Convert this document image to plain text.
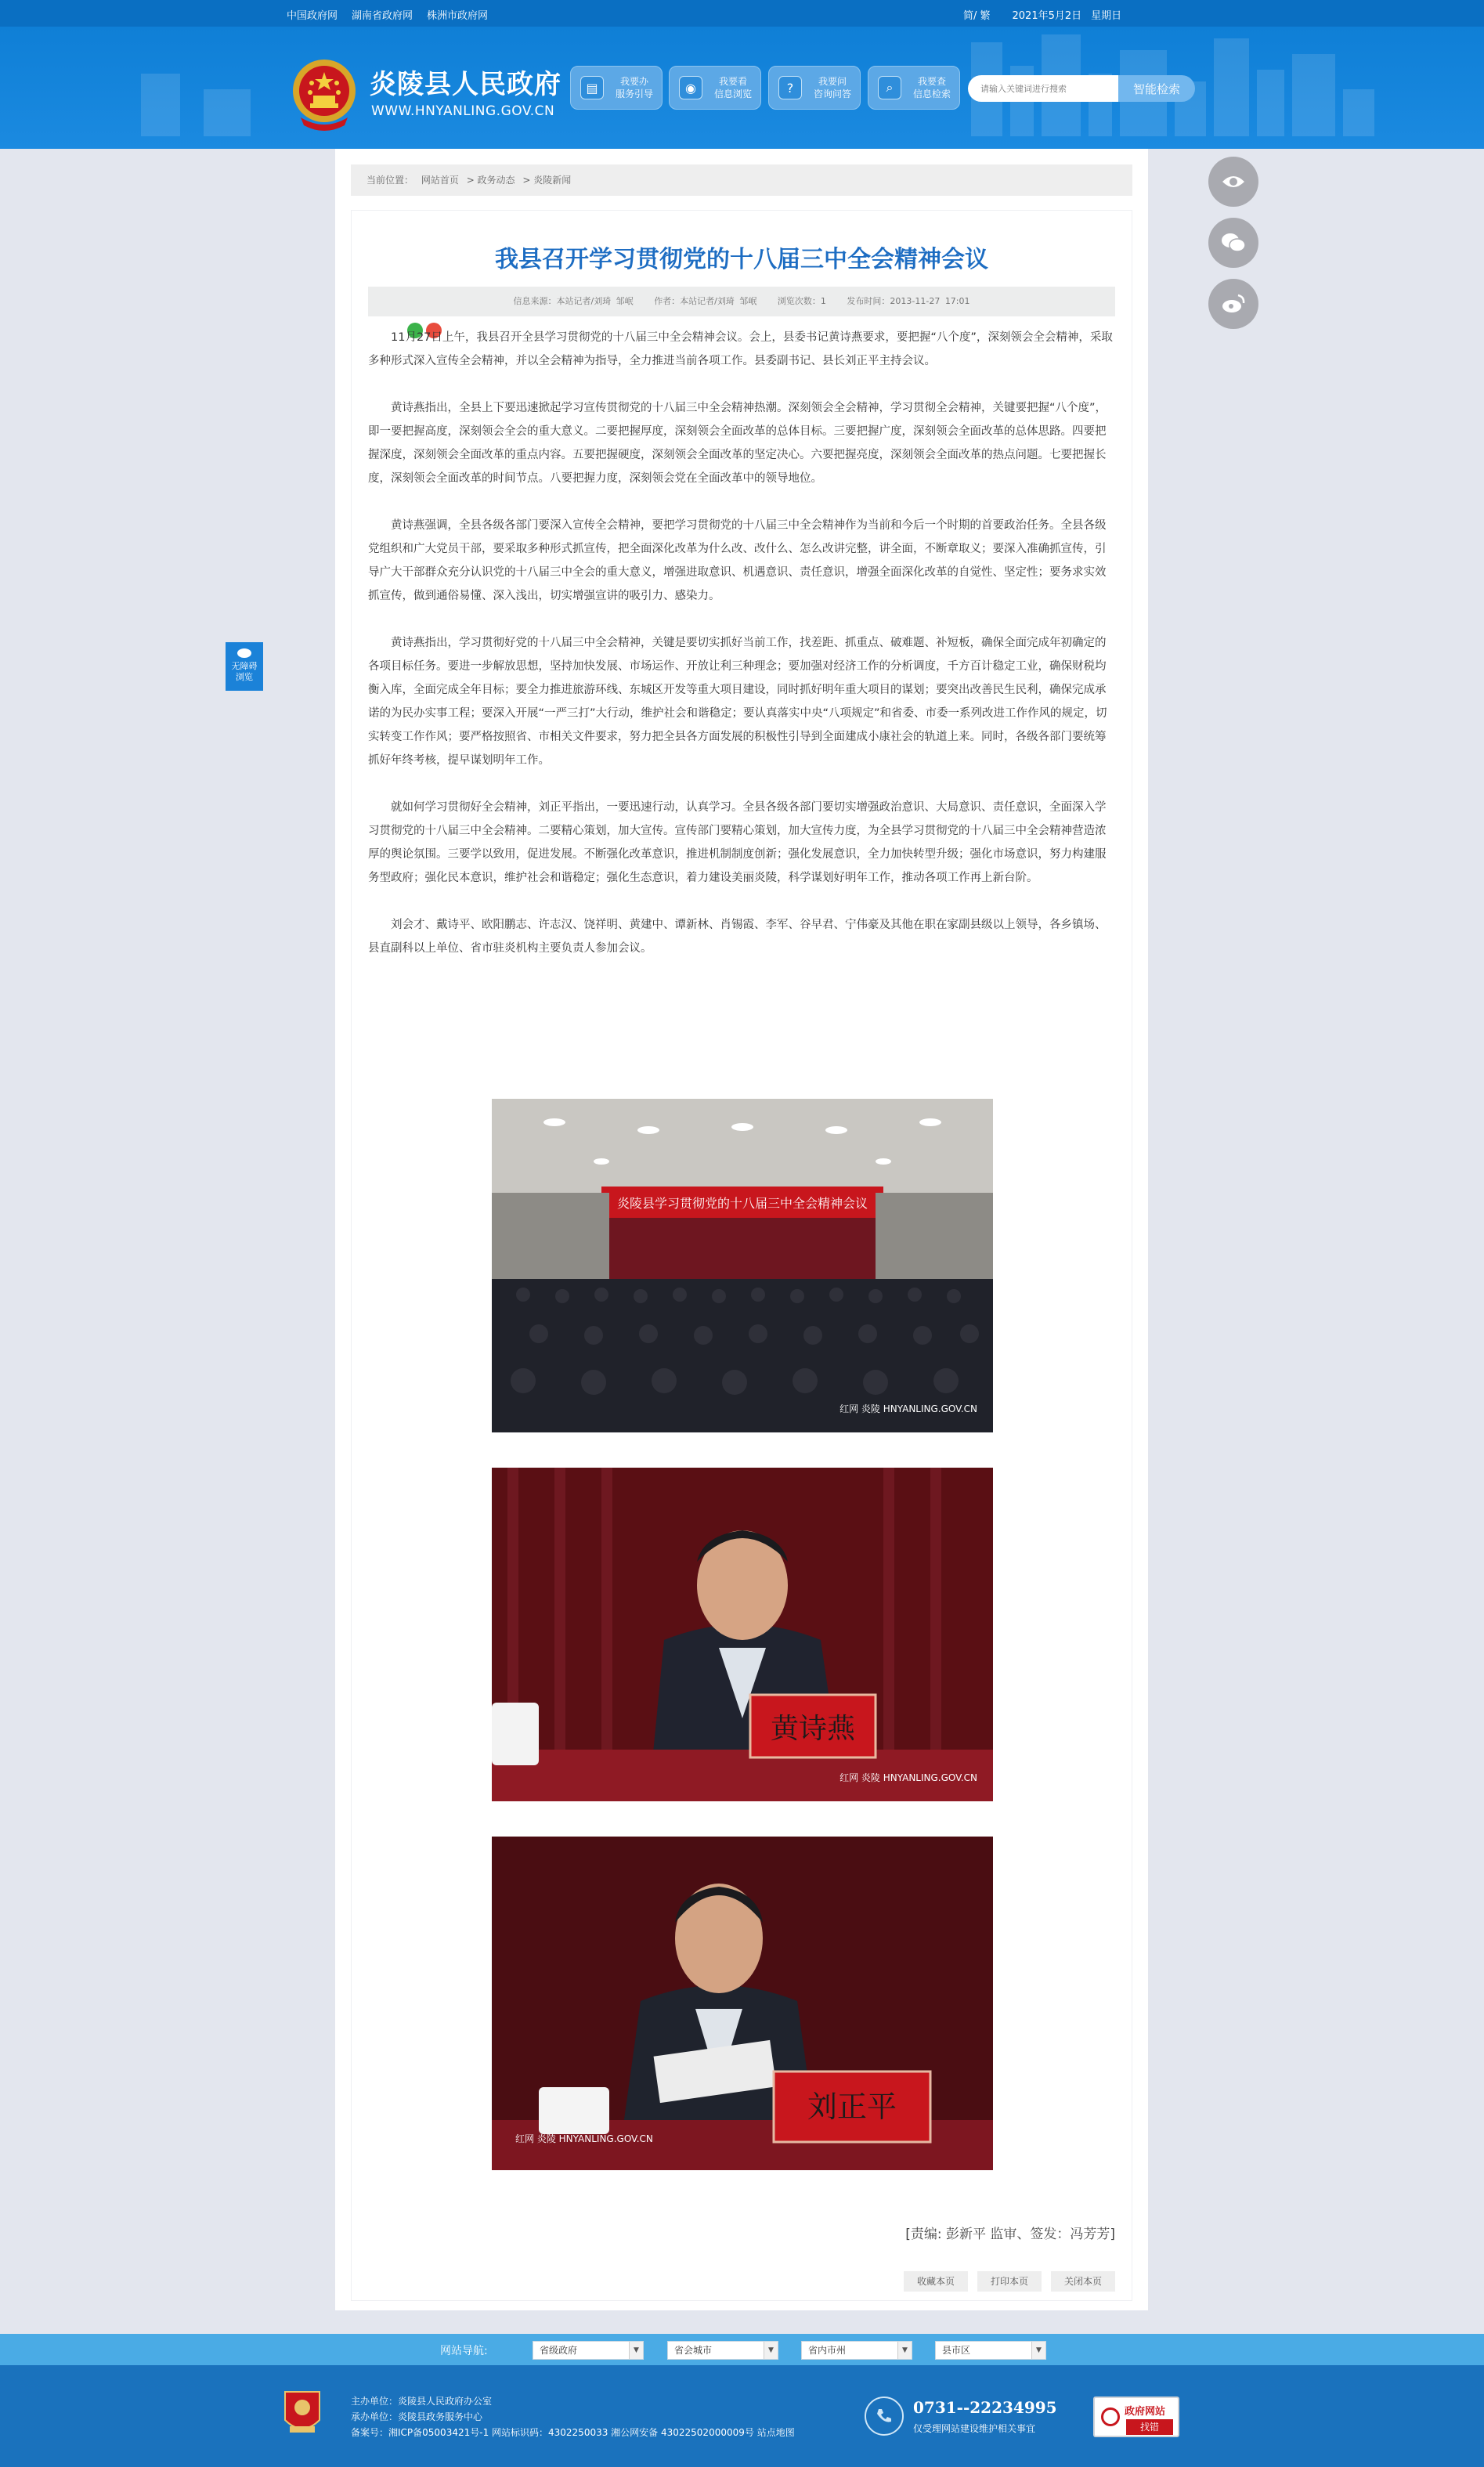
中国政府网 湖南省政府网 株洲市政府网	简/ 繁 2021年5月2日 星期日
炎陵县人民政府
WWW.HNYANLING.GOV.CN
▤	我要办
服务引导	◉	我要看
信息浏览	?	我要问
咨询问答	⌕	我要查
信息检索
请输入关键词进行搜索	智能检索
当前位置： 网站首页 > 政务动态 > 炎陵新闻
我县召开学习贯彻党的十八届三中全会精神会议
信息来源：本站记者/刘琦 邹岷 作者：本站记者/刘琦 邹岷 浏览次数：1 发布时间：2013-11-27 17:01

11月27日上午，我县召开全县学习贯彻党的十八届三中全会精神会议。会上，县委书记黄诗燕要求，要把握“八个度”，深刻领会全会精神，采取多种形式深入宣传全会精神，并以全会精神为指导，全力推进当前各项工作。县委副书记、县长刘正平主持会议。

黄诗燕指出，全县上下要迅速掀起学习宣传贯彻党的十八届三中全会精神热潮。深刻领会全会精神，学习贯彻全会精神，关键要把握“八个度”，即一要把握高度，深刻领会全会的重大意义。二要把握厚度，深刻领会全面改革的总体目标。三要把握广度，深刻领会全面改革的总体思路。四要把握深度，深刻领会全面改革的重点内容。五要把握硬度，深刻领会全面改革的坚定决心。六要把握亮度，深刻领会全面改革的热点问题。七要把握长度，深刻领会全面改革的时间节点。八要把握力度，深刻领会党在全面改革中的领导地位。

黄诗燕强调，全县各级各部门要深入宣传全会精神，要把学习贯彻党的十八届三中全会精神作为当前和今后一个时期的首要政治任务。全县各级党组织和广大党员干部，要采取多种形式抓宣传，把全面深化改革为什么改、改什么、怎么改讲完整，讲全面，不断章取义；要深入准确抓宣传，引导广大干部群众充分认识党的十八届三中全会的重大意义，增强进取意识、机遇意识、责任意识，增强全面深化改革的自觉性、坚定性；要务求实效抓宣传，做到通俗易懂、深入浅出，切实增强宣讲的吸引力、感染力。

黄诗燕指出，学习贯彻好党的十八届三中全会精神，关键是要切实抓好当前工作，找差距、抓重点、破难题、补短板，确保全面完成年初确定的各项目标任务。要进一步解放思想，坚持加快发展、市场运作、开放让利三种理念；要加强对经济工作的分析调度，千方百计稳定工业，确保财税均衡入库，全面完成全年目标；要全力推进旅游环线、东城区开发等重大项目建设，同时抓好明年重大项目的谋划；要突出改善民生民利，确保完成承诺的为民办实事工程；要深入开展“一严三打”大行动，维护社会和谐稳定；要认真落实中央“八项规定”和省委、市委一系列改进工作作风的规定，切实转变工作作风；要严格按照省、市相关文件要求，努力把全县各方面发展的积极性引导到全面建成小康社会的轨道上来。同时，各级各部门要统筹抓好年终考核，提早谋划明年工作。

就如何学习贯彻好全会精神，刘正平指出，一要迅速行动，认真学习。全县各级各部门要切实增强政治意识、大局意识、责任意识，全面深入学习贯彻党的十八届三中全会精神。二要精心策划，加大宣传。宣传部门要精心策划，加大宣传力度，为全县学习贯彻党的十八届三中全会精神营造浓厚的舆论氛围。三要学以致用，促进发展。不断强化改革意识，推进机制制度创新；强化发展意识，全力加快转型升级；强化市场意识，努力构建服务型政府；强化民本意识，维护社会和谐稳定；强化生态意识，着力建设美丽炎陵，科学谋划好明年工作，推动各项工作再上新台阶。

刘会才、戴诗平、欧阳鹏志、许志汉、饶祥明、黄建中、谭新林、肖锡霞、李军、谷早君、宁伟豪及其他在职在家副县级以上领导，各乡镇场、县直副科以上单位、省市驻炎机构主要负责人参加会议。

炎陵县学习贯彻党的十八届三中全会精神会议
红网 炎陵 HNYANLING.GOV.CN
黄诗燕
红网 炎陵 HNYANLING.GOV.CN
刘正平
红网 炎陵 HNYANLING.GOV.CN
[责编: 彭新平 监审、签发：冯芳芳]
收藏本页	打印本页	关闭本页
无障碍
浏览
网站导航:	省级政府	▼	省会城市	▼	省内市州	▼	县市区	▼
主办单位：炎陵县人民政府办公室
承办单位：炎陵县政务服务中心
备案号：湘ICP备05003421号-1 网站标识码：4302250033 湘公网安备 43022502000009号 站点地图
0731--22234995
仅受理网站建设维护相关事宜
政府网站
找错
